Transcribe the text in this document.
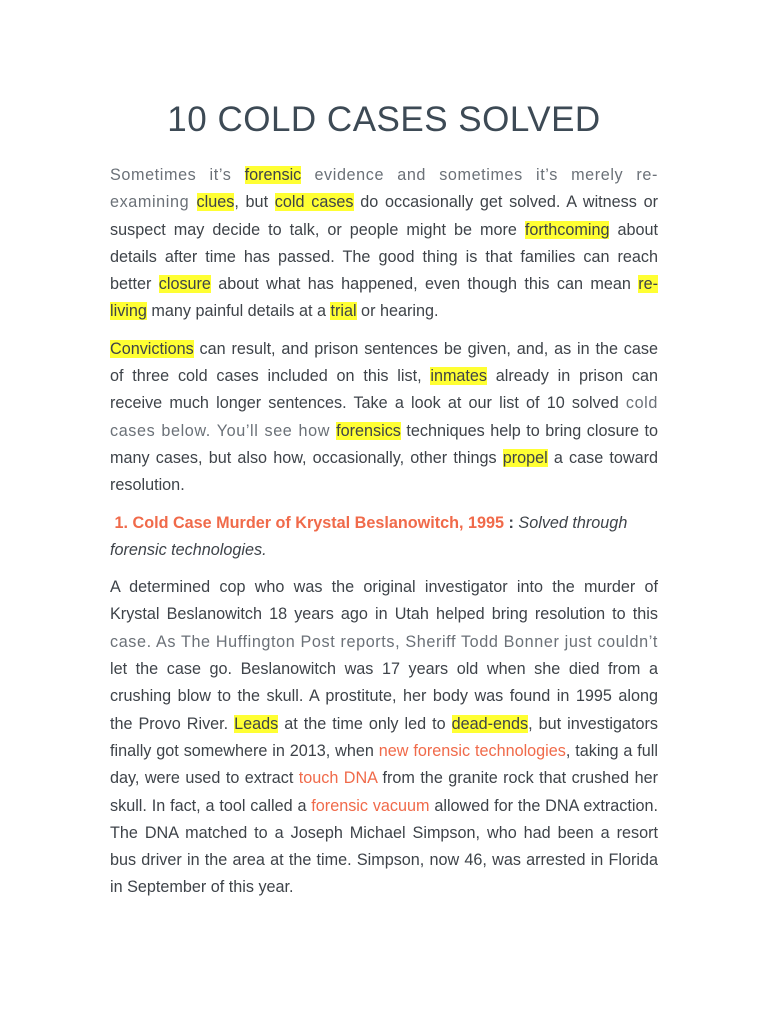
10 COLD CASES SOLVED

Sometimes it’s forensic evidence and sometimes it’s merely re-examining clues, but cold cases do occasionally get solved. A witness or suspect may decide to talk, or people might be more forthcoming about details after time has passed. The good thing is that families can reach better closure about what has happened, even though this can mean re-living many painful details at a trial or hearing.

Convictions can result, and prison sentences be given, and, as in the case of three cold cases included on this list, inmates already in prison can receive much longer sentences. Take a look at our list of 10 solved cold cases below. You’ll see how forensics techniques help to bring closure to many cases, but also how, occasionally, other things propel a case toward resolution.

1. Cold Case Murder of Krystal Beslanowitch, 1995 : Solved through forensic technologies.

A determined cop who was the original investigator into the murder of Krystal Beslanowitch 18 years ago in Utah helped bring resolution to this case. As The Huffington Post reports, Sheriff Todd Bonner just couldn’t let the case go. Beslanowitch was 17 years old when she died from a crushing blow to the skull. A prostitute, her body was found in 1995 along the Provo River. Leads at the time only led to dead-ends, but investigators finally got somewhere in 2013, when new forensic technologies, taking a full day, were used to extract touch DNA from the granite rock that crushed her skull. In fact, a tool called a forensic vacuum allowed for the DNA extraction. The DNA matched to a Joseph Michael Simpson, who had been a resort bus driver in the area at the time. Simpson, now 46, was arrested in Florida in September of this year.
